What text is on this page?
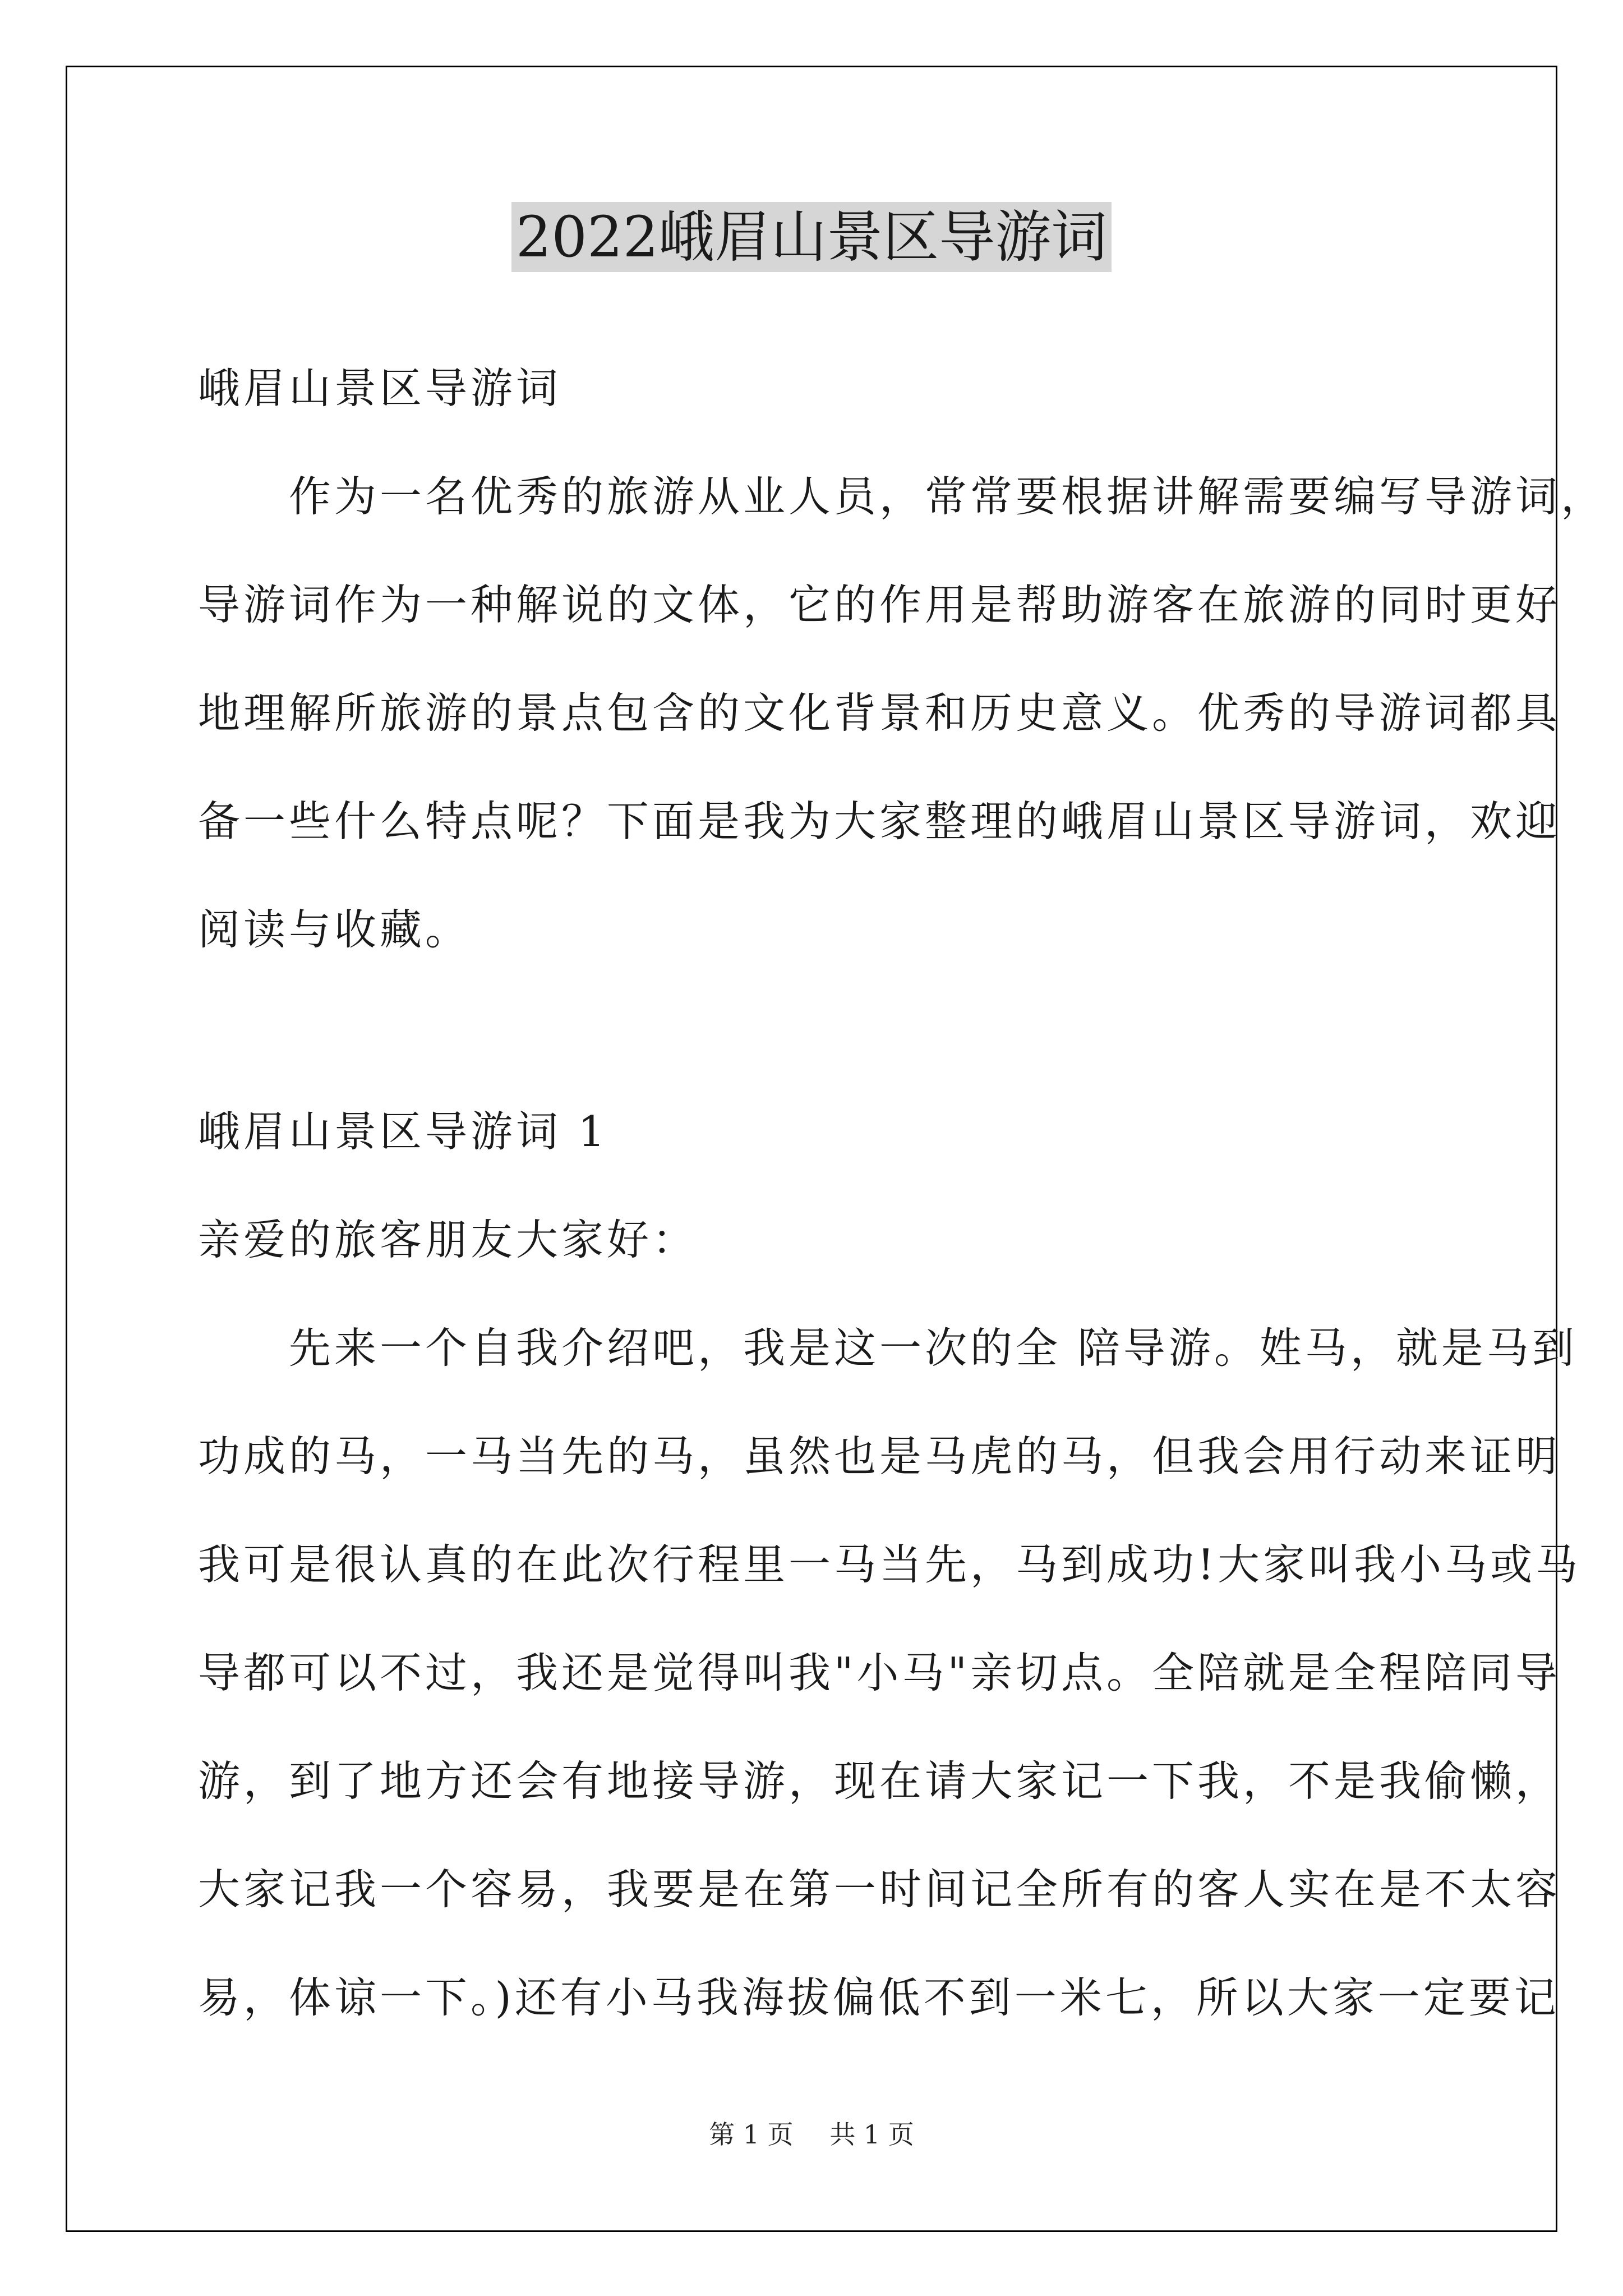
2022峨眉山景区导游词

峨眉山景区导游词

　　作为一名优秀的旅游从业人员，常常要根据讲解需要编写导游词，
导游词作为一种解说的文体，它的作用是帮助游客在旅游的同时更好
地理解所旅游的景点包含的文化背景和历史意义。优秀的导游词都具
备一些什么特点呢？下面是我为大家整理的峨眉山景区导游词，欢迎
阅读与收藏。

峨眉山景区导游词 1

亲爱的旅客朋友大家好：

　　先来一个自我介绍吧，我是这一次的全 陪导游。姓马，就是马到
功成的马，一马当先的马，虽然也是马虎的马，但我会用行动来证明
我可是很认真的在此次行程里一马当先，马到成功!大家叫我小马或马
导都可以不过，我还是觉得叫我"小马"亲切点。全陪就是全程陪同导
游，到了地方还会有地接导游，现在请大家记一下我，不是我偷懒，
大家记我一个容易，我要是在第一时间记全所有的客人实在是不太容
易，体谅一下。)还有小马我海拔偏低不到一米七，所以大家一定要记
第 1 页 共 1 页
